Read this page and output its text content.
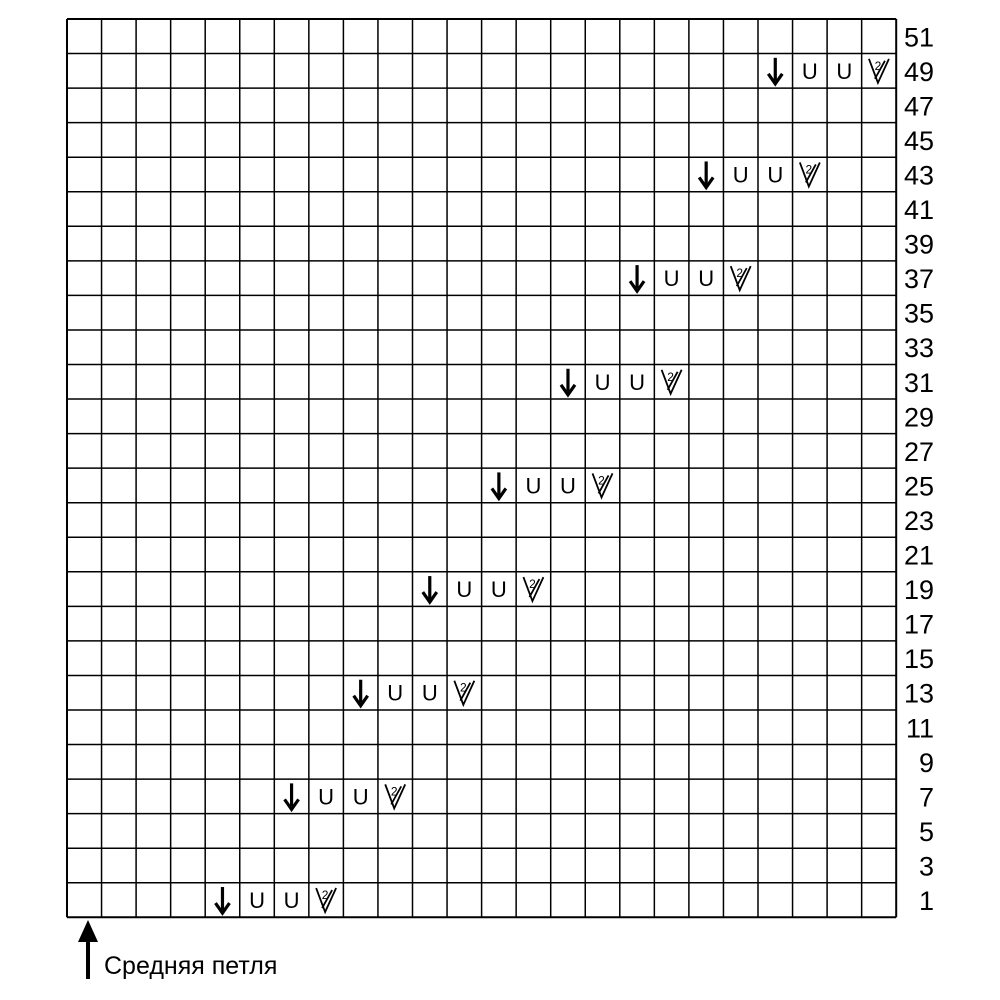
U U 2
U U 2
U U 2
U U 2
U U 2
U U 2
U U 2
U U 2
U U 2
51
49
47
45
43
41
39
37
35
33
31
29
27
25
23
21
19
17
15
13
11
9
7
5
3
1
Средняя петля
